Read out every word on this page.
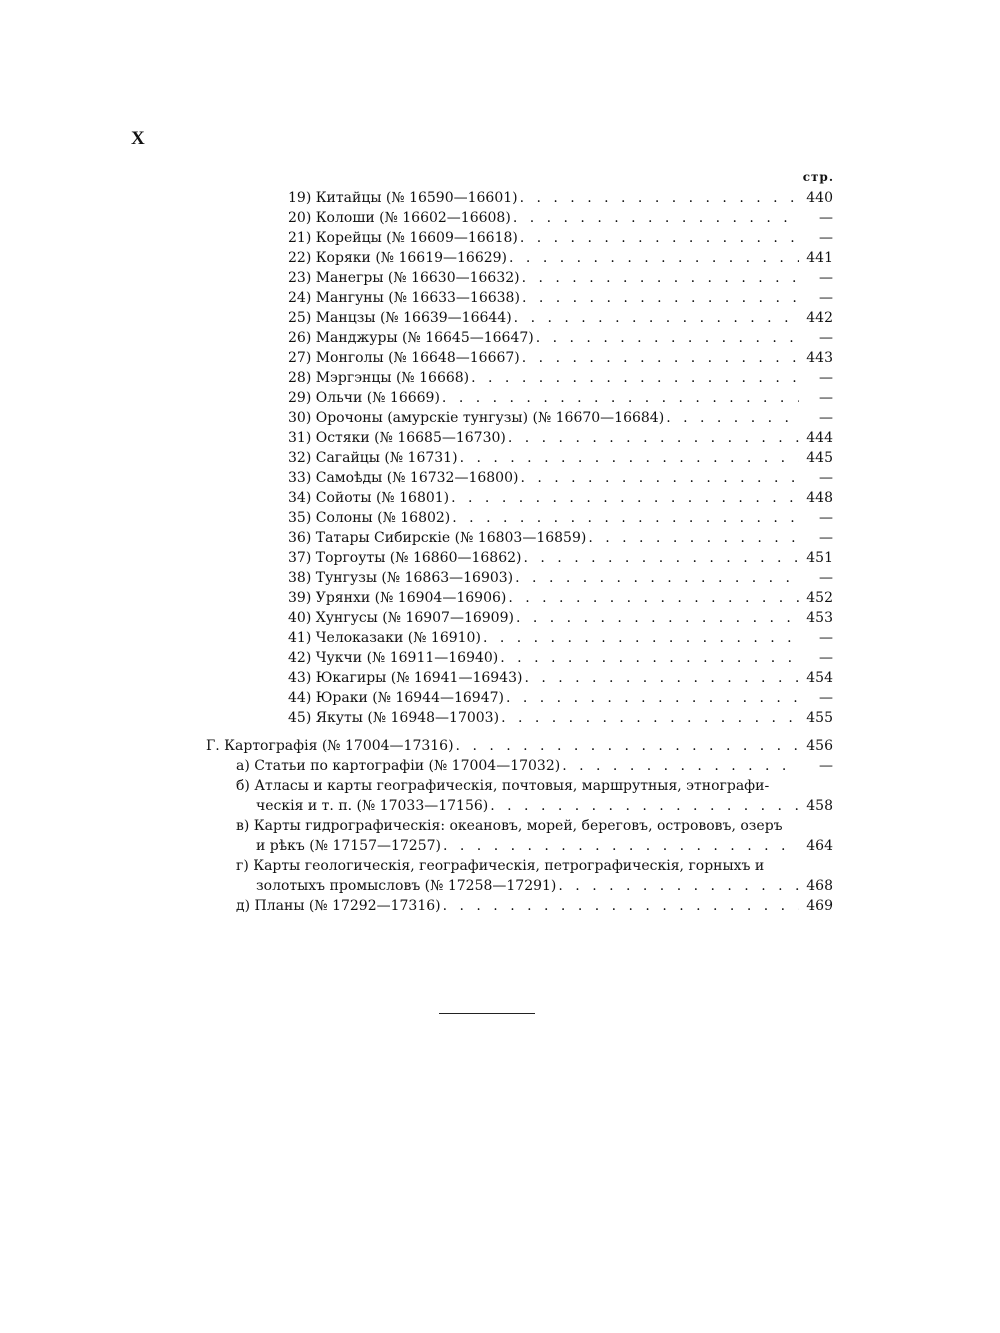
X
стр.
19) Китайцы (№ 16590—16601) . . .	440
20) Колоши (№ 16602—16608) . . .	—
21) Корейцы (№ 16609—16618) . . .	—
22) Коряки (№ 16619—16629) . . .	441
23) Манегры (№ 16630—16632) . . .	—
24) Мангуны (№ 16633—16638) . . .	—
25) Манцзы (№ 16639—16644) . . .	442
26) Манджуры (№ 16645—16647) . . .	—
27) Монголы (№ 16648—16667) . . .	443
28) Мэргэнцы (№ 16668) . . .	—
29) Ольчи (№ 16669) . . .	—
30) Орочоны (амурскіе тунгузы) (№ 16670—16684) . . .	—
31) Остяки (№ 16685—16730) . . .	444
32) Сагайцы (№ 16731) . . .	445
33) Самоѣды (№ 16732—16800) . . .	—
34) Сойоты (№ 16801) . . .	448
35) Солоны (№ 16802) . . .	—
36) Татары Сибирскіе (№ 16803—16859) . . .	—
37) Торгоуты (№ 16860—16862) . . .	451
38) Тунгузы (№ 16863—16903) . . .	—
39) Урянхи (№ 16904—16906) . . .	452
40) Хунгусы (№ 16907—16909) . . .	453
41) Челоказаки (№ 16910) . . .	—
42) Чукчи (№ 16911—16940) . . .	—
43) Юкагиры (№ 16941—16943) . . .	454
44) Юраки (№ 16944—16947) . . .	—
45) Якуты (№ 16948—17003) . . .	455
Г. Картографія (№ 17004—17316) . . .	456
а) Статьи по картографіи (№ 17004—17032) . . .	—
б) Атласы и карты географическія, почтовыя, маршрутныя, этнографи-
ческія и т. п. (№ 17033—17156) . . .	458
в) Карты гидрографическія: океановъ, морей, береговъ, острововъ, озеръ
и рѣкъ (№ 17157—17257) . . .	464
г) Карты геологическія, географическія, петрографическія, горныхъ и
золотыхъ промысловъ (№ 17258—17291) . . .	468
д) Планы (№ 17292—17316) . . .	469
